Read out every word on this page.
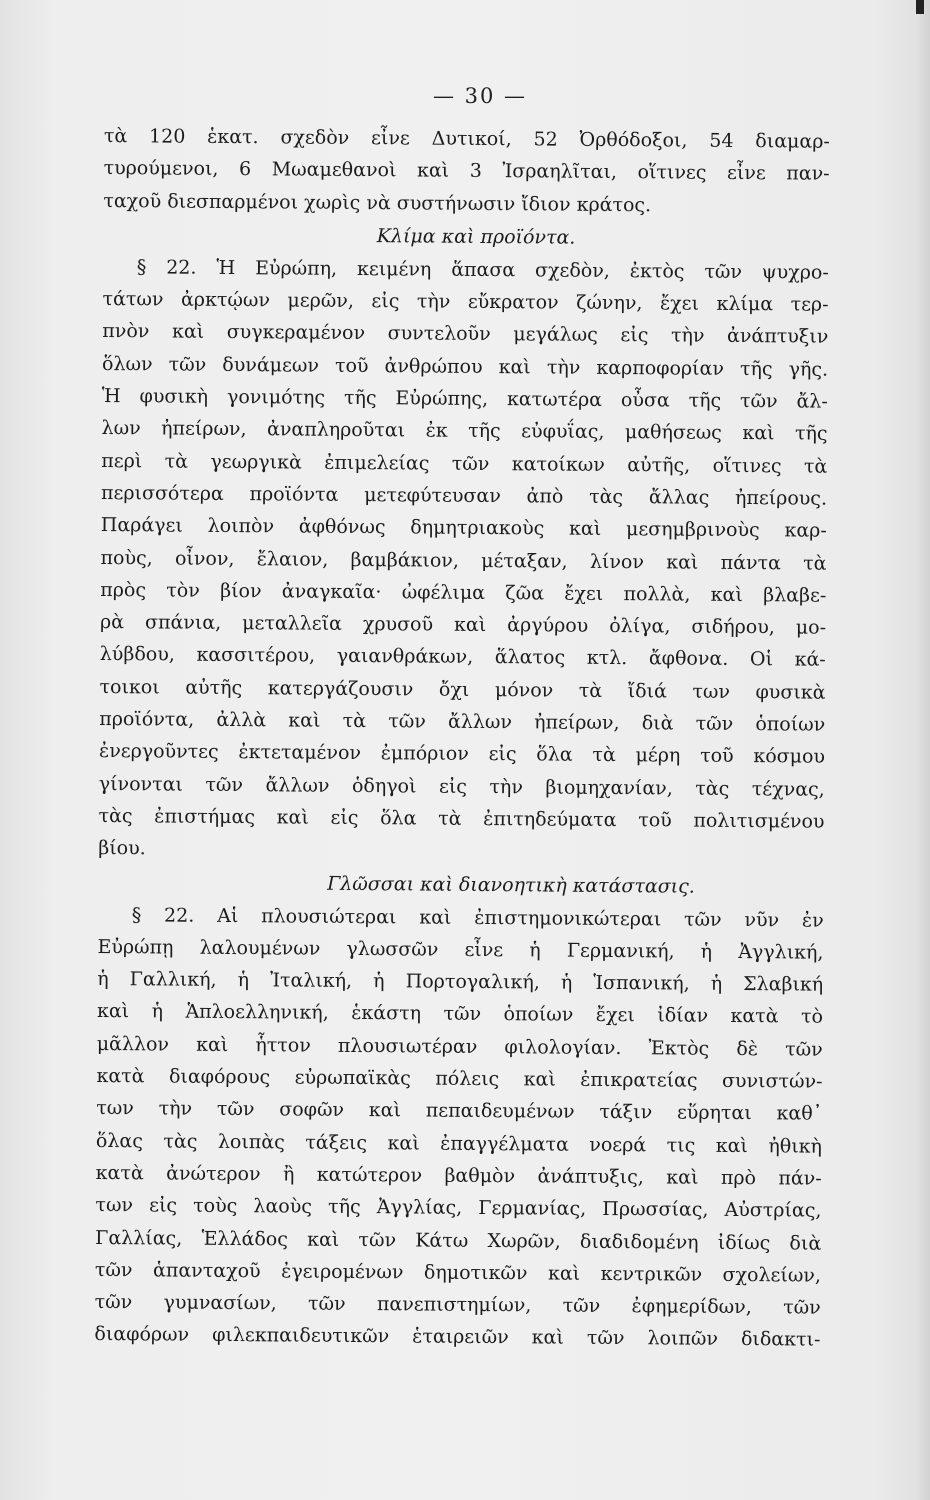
— 30 —
τὰ 120 ἑκατ. σχεδὸν εἶνε Δυτικοί, 52 Ὀρθόδοξοι, 54 διαμαρ-
τυρούμενοι, 6 Μωαμεθανοὶ καὶ 3 Ἰσραηλῖται, οἵτινες εἶνε παν-
ταχοῦ διεσπαρμένοι χωρὶς νὰ συστήνωσιν ἴδιον κράτος.
Κλίμα καὶ προϊόντα.
§ 22. Ἡ Εὐρώπη, κειμένη ἅπασα σχεδὸν, ἐκτὸς τῶν ψυχρο-
τάτων ἀρκτῴων μερῶν, εἰς τὴν εὔκρατον ζώνην, ἔχει κλίμα τερ-
πνὸν καὶ συγκεραμένον συντελοῦν μεγάλως εἰς τὴν ἀνάπτυξιν
ὅλων τῶν δυνάμεων τοῦ ἀνθρώπου καὶ τὴν καρποφορίαν τῆς γῆς.
Ἡ φυσικὴ γονιμότης τῆς Εὐρώπης, κατωτέρα οὖσα τῆς τῶν ἄλ-
λων ἠπείρων, ἀναπληροῦται ἐκ τῆς εὐφυΐας, μαθήσεως καὶ τῆς
περὶ τὰ γεωργικὰ ἐπιμελείας τῶν κατοίκων αὐτῆς, οἵτινες τὰ
περισσότερα προϊόντα μετεφύτευσαν ἀπὸ τὰς ἄλλας ἠπείρους.
Παράγει λοιπὸν ἀφθόνως δημητριακοὺς καὶ μεσημβρινοὺς καρ-
ποὺς, οἶνον, ἔλαιον, βαμβάκιον, μέταξαν, λίνον καὶ πάντα τὰ
πρὸς τὸν βίον ἀναγκαῖα· ὠφέλιμα ζῶα ἔχει πολλὰ, καὶ βλαβε-
ρὰ σπάνια, μεταλλεῖα χρυσοῦ καὶ ἀργύρου ὀλίγα, σιδήρου, μο-
λύβδου, κασσιτέρου, γαιανθράκων, ἅλατος κτλ. ἄφθονα. Οἱ κά-
τοικοι αὐτῆς κατεργάζουσιν ὄχι μόνον τὰ ἴδιά των φυσικὰ
προϊόντα, ἀλλὰ καὶ τὰ τῶν ἄλλων ἠπείρων, διὰ τῶν ὁποίων
ἐνεργοῦντες ἐκτεταμένον ἐμπόριον εἰς ὅλα τὰ μέρη τοῦ κόσμου
γίνονται τῶν ἄλλων ὁδηγοὶ εἰς τὴν βιομηχανίαν, τὰς τέχνας,
τὰς ἐπιστήμας καὶ εἰς ὅλα τὰ ἐπιτηδεύματα τοῦ πολιτισμένου
βίου.
Γλῶσσαι καὶ διανοητικὴ κατάστασις.
§ 22. Αἱ πλουσιώτεραι καὶ ἐπιστημονικώτεραι τῶν νῦν ἐν
Εὐρώπῃ λαλουμένων γλωσσῶν εἶνε ἡ Γερμανική, ἡ Ἀγγλική,
ἡ Γαλλική, ἡ Ἰταλική, ἡ Πορτογαλική, ἡ Ἱσπανική, ἡ Σλαβική
καὶ ἡ Ἁπλοελληνική, ἑκάστη τῶν ὁποίων ἔχει ἰδίαν κατὰ τὸ
μᾶλλον καὶ ἧττον πλουσιωτέραν φιλολογίαν. Ἐκτὸς δὲ τῶν
κατὰ διαφόρους εὐρωπαϊκὰς πόλεις καὶ ἐπικρατείας συνιστών-
των τὴν τῶν σοφῶν καὶ πεπαιδευμένων τάξιν εὕρηται καθ᾽
ὅλας τὰς λοιπὰς τάξεις καὶ ἐπαγγέλματα νοερά τις καὶ ἠθικὴ
κατὰ ἀνώτερον ἢ κατώτερον βαθμὸν ἀνάπτυξις, καὶ πρὸ πάν-
των εἰς τοὺς λαοὺς τῆς Ἀγγλίας, Γερμανίας, Πρωσσίας, Αὐστρίας,
Γαλλίας, Ἑλλάδος καὶ τῶν Κάτω Χωρῶν, διαδιδομένη ἰδίως διὰ
τῶν ἁπανταχοῦ ἐγειρομένων δημοτικῶν καὶ κεντρικῶν σχολείων,
τῶν γυμνασίων, τῶν πανεπιστημίων, τῶν ἐφημερίδων, τῶν
διαφόρων φιλεκπαιδευτικῶν ἑταιρειῶν καὶ τῶν λοιπῶν διδακτι-
